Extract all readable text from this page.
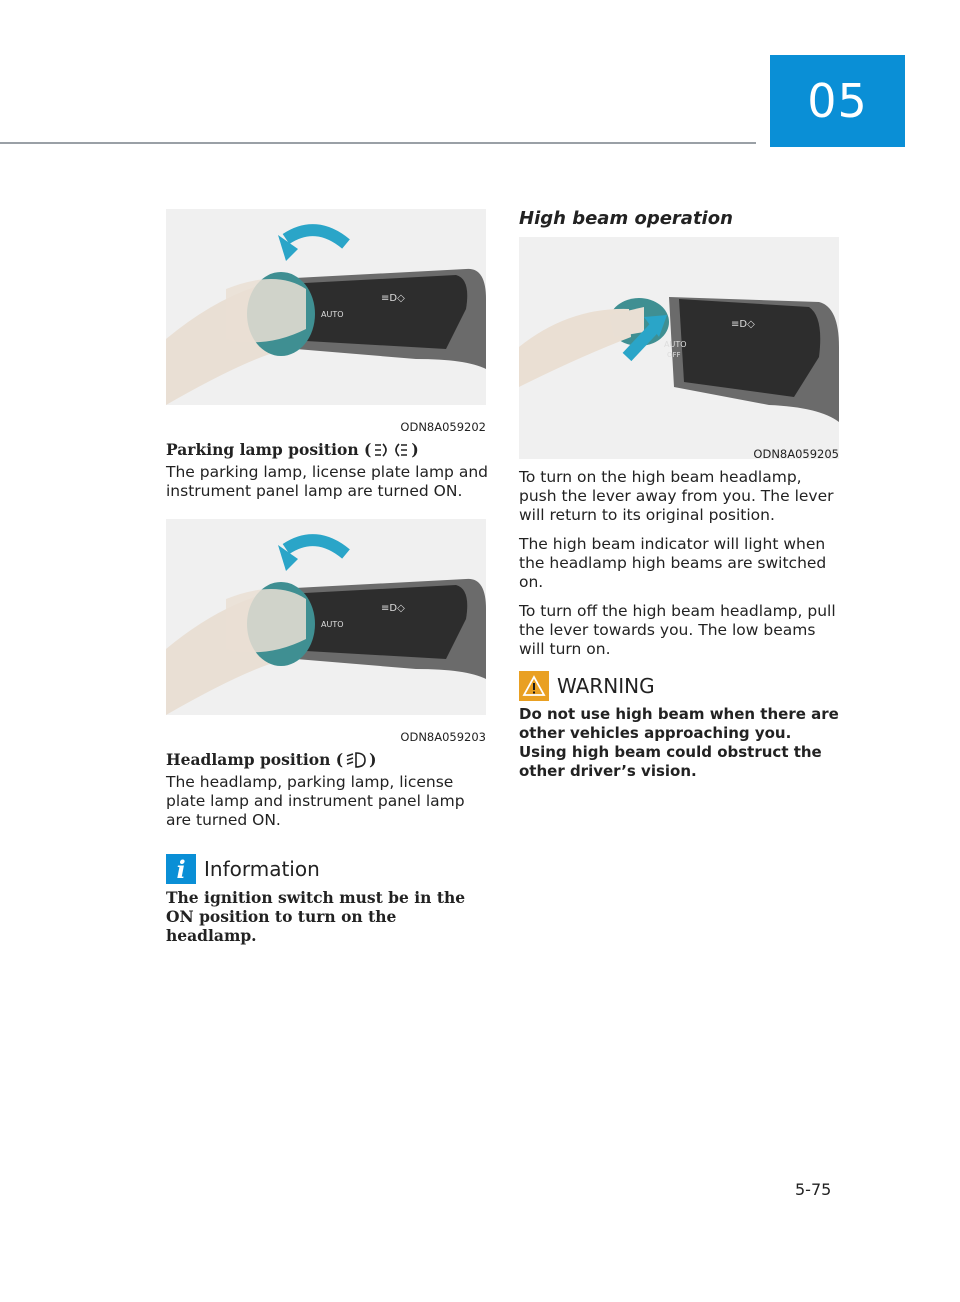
05
≡D◇
AUTO
ODN8A059202
Parking lamp position (	)

The parking lamp, license plate lamp and instrument panel lamp are turned ON.

≡D◇
AUTO
ODN8A059203
Headlamp position ( )

The headlamp, parking lamp, license plate lamp and instrument panel lamp are turned ON.

i Information
The ignition switch must be in the ON position to turn on the headlamp.
High beam operation
≡D◇
AUTO
OFF
ODN8A059205

To turn on the high beam headlamp, push the lever away from you. The lever will return to its original position.

The high beam indicator will light when the headlamp high beams are switched on.

To turn off the high beam headlamp, pull the lever towards you. The low beams will turn on.

WARNING
Do not use high beam when there are other vehicles approaching you. Using high beam could obstruct the other driver’s vision.
5-75
